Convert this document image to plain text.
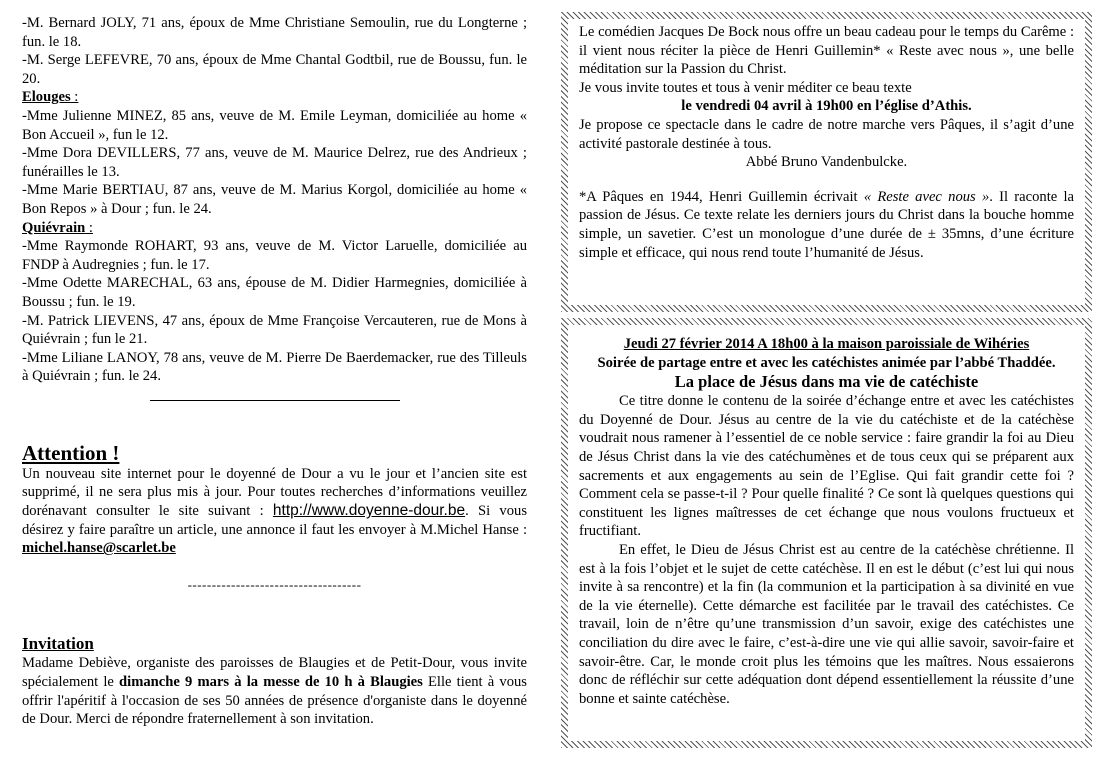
-M. Bernard JOLY, 71 ans, époux de Mme Christiane Semoulin, rue du Longterne ; fun. le 18.

-M. Serge LEFEVRE, 70 ans, époux de Mme Chantal Godtbil, rue de Boussu, fun. le 20.

Elouges :

-Mme Julienne MINEZ, 85 ans, veuve de M. Emile Leyman, domiciliée au home « Bon Accueil », fun le 12.

-Mme Dora DEVILLERS, 77 ans, veuve de M. Maurice Delrez, rue des Andrieux ; funérailles le 13.

-Mme Marie BERTIAU, 87 ans, veuve de M. Marius Korgol, domiciliée au home « Bon Repos » à Dour ; fun. le 24.

Quiévrain :

-Mme Raymonde ROHART, 93 ans, veuve de M. Victor Laruelle, domiciliée au FNDP à Audregnies ; fun. le 17.

-Mme Odette MARECHAL, 63 ans, épouse de M. Didier Harmegnies, domiciliée à Boussu ; fun. le 19.

-M. Patrick LIEVENS, 47 ans, époux de Mme Françoise Vercauteren, rue de Mons à Quiévrain ; fun le 21.

-Mme Liliane LANOY, 78 ans, veuve de M. Pierre De Baerdemacker, rue des Tilleuls à Quiévrain ; fun. le 24.

Attention !

Un nouveau site internet pour le doyenné de Dour a vu le jour et l’ancien site est supprimé, il ne sera plus mis à jour. Pour toutes recherches d’informations veuillez dorénavant consulter le site suivant : http://www.doyenne-dour.be. Si vous désirez y faire paraître un article, une annonce il faut les envoyer à M.Michel Hanse : michel.hanse@scarlet.be

------------------------------------

Invitation

Madame Debiève, organiste des paroisses de Blaugies et de Petit-Dour, vous invite spécialement le dimanche 9 mars à la messe de 10 h à Blaugies Elle tient à vous offrir l'apéritif à l'occasion de ses 50 années de présence d'organiste dans le doyenné de Dour. Merci de répondre fraternellement à son invitation.

Le comédien Jacques De Bock nous offre un beau cadeau pour le temps du Carême : il vient nous réciter la pièce de Henri Guillemin* « Reste avec nous », une belle méditation sur la Passion du Christ.

Je vous invite toutes et tous à venir méditer ce beau texte

le vendredi 04 avril à 19h00 en l’église d’Athis.

Je propose ce spectacle dans le cadre de notre marche vers Pâques, il s’agit d’une activité pastorale destinée à tous.

Abbé Bruno Vandenbulcke.

*A Pâques en 1944, Henri Guillemin écrivait « Reste avec nous ». Il raconte la passion de Jésus. Ce texte relate les derniers jours du Christ dans la bouche homme simple, un savetier. C’est un monologue d’une durée de ± 35mns, d’une écriture simple et efficace, qui nous rend toute l’humanité de Jésus.

Jeudi 27 février 2014 A 18h00 à la maison paroissiale de Wihéries

Soirée de partage entre et avec les catéchistes animée par l’abbé Thaddée.

La place de Jésus dans ma vie de catéchiste

Ce titre donne le contenu de la soirée d’échange entre et avec les catéchistes du Doyenné de Dour. Jésus au centre de la vie du catéchiste et de la catéchèse voudrait nous ramener à l’essentiel de ce noble service : faire grandir la foi au Dieu de Jésus Christ dans la vie des catéchumènes et de tous ceux qui se préparent aux sacrements et aux engagements au sein de l’Eglise. Qui fait grandir cette foi ? Comment cela se passe-t-il ? Pour quelle finalité ? Ce sont là quelques questions qui constituent les lignes maîtresses de cet échange que nous voulons fructueux et fructifiant.

En effet, le Dieu de Jésus Christ est au centre de la catéchèse chrétienne. Il est à la fois l’objet et le sujet de cette catéchèse. Il en est le début (c’est lui qui nous invite à sa rencontre) et la fin (la communion et la participation à sa divinité en vue de la vie éternelle). Cette démarche est facilitée par le travail des catéchistes. Ce travail, loin de n’être qu’une transmission d’un savoir, exige des catéchistes une conciliation du dire avec le faire, c’est-à-dire une vie qui allie savoir, savoir-faire et savoir-être. Car, le monde croit plus les témoins que les maîtres. Nous essaierons donc de réfléchir sur cette adéquation dont dépend essentiellement la réussite d’une bonne et sainte catéchèse.
